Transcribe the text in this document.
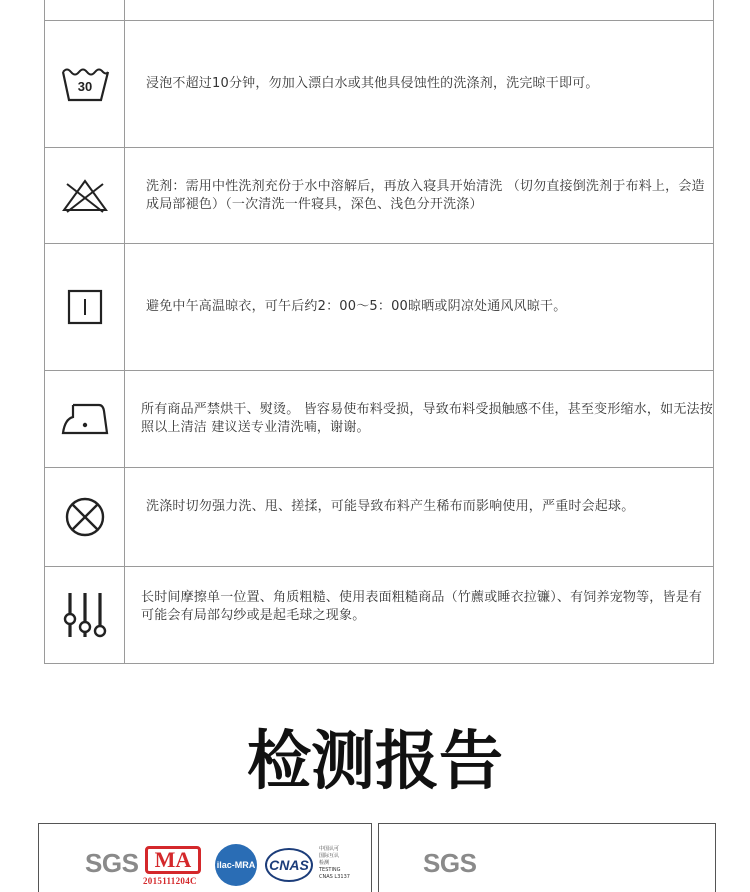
30	浸泡不超过10分钟，勿加入漂白水或其他具侵蚀性的洗涤剂，洗完晾干即可。
洗剂：需用中性洗剂充份于水中溶解后，再放入寝具开始清洗 （切勿直接倒洗剂于布料上，会造成局部褪色）（一次清洗一件寝具，深色、浅色分开洗涤）
避免中午高温晾衣，可午后约2：00～5：00晾晒或阴凉处通风风晾干。
所有商品严禁烘干、熨烫。 皆容易使布料受损，导致布料受损触感不佳，甚至变形缩水，如无法按照以上清洁 建议送专业清洗喃，谢谢。
洗涤时切勿强力洗、甩、搓揉，可能导致布料产生稀布而影响使用，严重时会起球。
长时间摩擦单一位置、角质粗糙、使用表面粗糙商品（竹藨或睡衣拉镰）、有饲养宠物等，皆是有可能会有局部勾纱或是起毛球之现象。
检测报告
SGS MA
2015111204C
ilac-MRA CNAS
中国认可
国际互认
检测
TESTING
CNAS L3137	SGS
